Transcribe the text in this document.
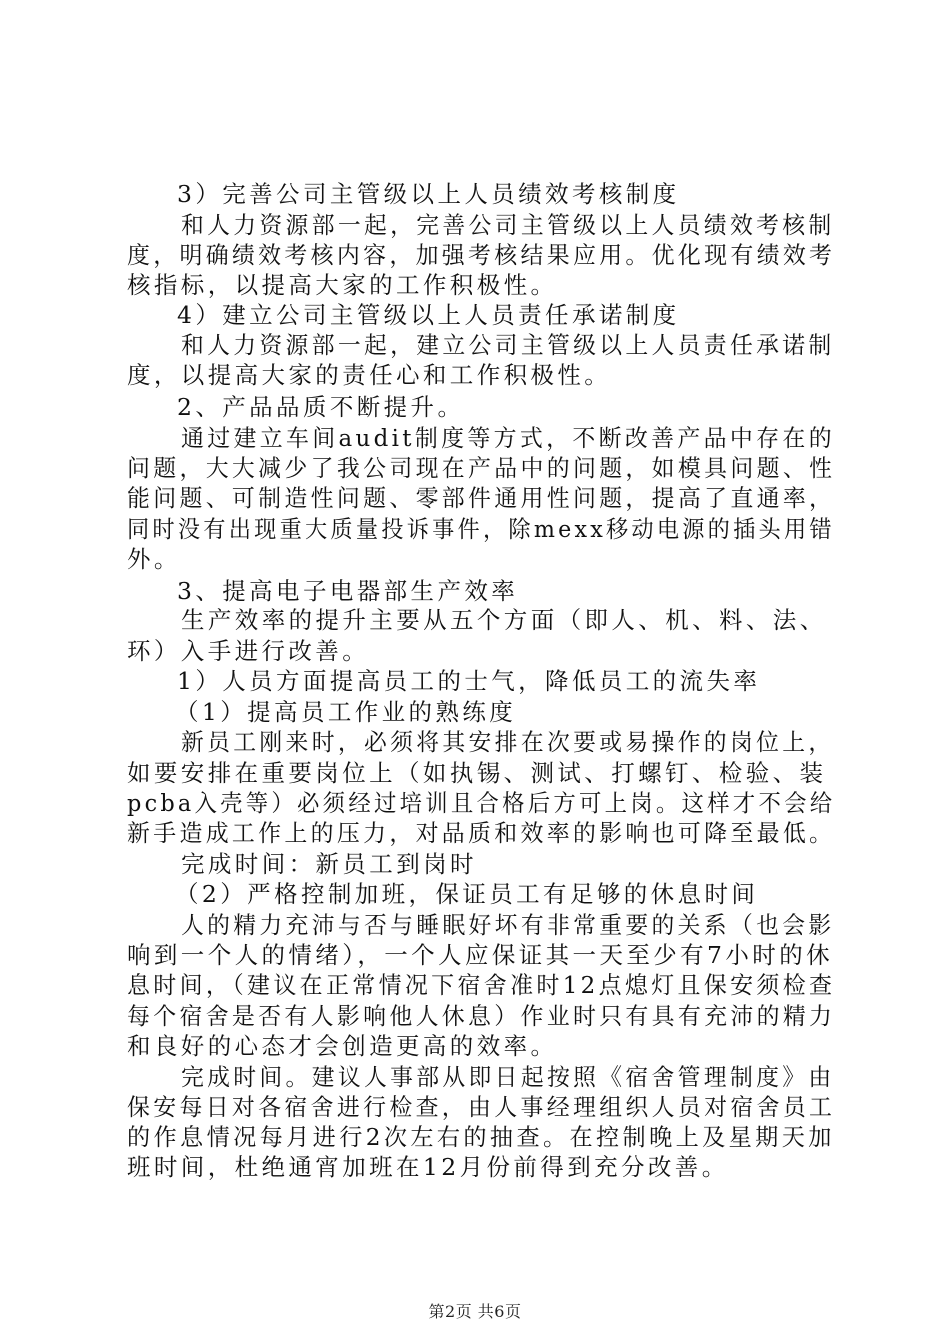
3）完善公司主管级以上人员绩效考核制度
和人力资源部一起，完善公司主管级以上人员绩效考核制
度，明确绩效考核内容，加强考核结果应用。优化现有绩效考
核指标，以提高大家的工作积极性。
4）建立公司主管级以上人员责任承诺制度
和人力资源部一起，建立公司主管级以上人员责任承诺制
度，以提高大家的责任心和工作积极性。
2、产品品质不断提升。
通过建立车间audit制度等方式，不断改善产品中存在的
问题，大大减少了我公司现在产品中的问题，如模具问题、性
能问题、可制造性问题、零部件通用性问题，提高了直通率，
同时没有出现重大质量投诉事件，除mexx移动电源的插头用错
外。
3、提高电子电器部生产效率
生产效率的提升主要从五个方面（即人、机、料、法、
环）入手进行改善。
1）人员方面提高员工的士气，降低员工的流失率
（1）提高员工作业的熟练度
新员工刚来时，必须将其安排在次要或易操作的岗位上，
如要安排在重要岗位上（如执锡、测试、打螺钉、检验、装
pcba入壳等）必须经过培训且合格后方可上岗。这样才不会给
新手造成工作上的压力，对品质和效率的影响也可降至最低。
完成时间：新员工到岗时
（2）严格控制加班，保证员工有足够的休息时间
人的精力充沛与否与睡眠好坏有非常重要的关系（也会影
响到一个人的情绪），一个人应保证其一天至少有7小时的休
息时间，（建议在正常情况下宿舍准时12点熄灯且保安须检查
每个宿舍是否有人影响他人休息）作业时只有具有充沛的精力
和良好的心态才会创造更高的效率。
完成时间。建议人事部从即日起按照《宿舍管理制度》由
保安每日对各宿舍进行检查，由人事经理组织人员对宿舍员工
的作息情况每月进行2次左右的抽查。在控制晚上及星期天加
班时间，杜绝通宵加班在12月份前得到充分改善。
第2页 共6页
